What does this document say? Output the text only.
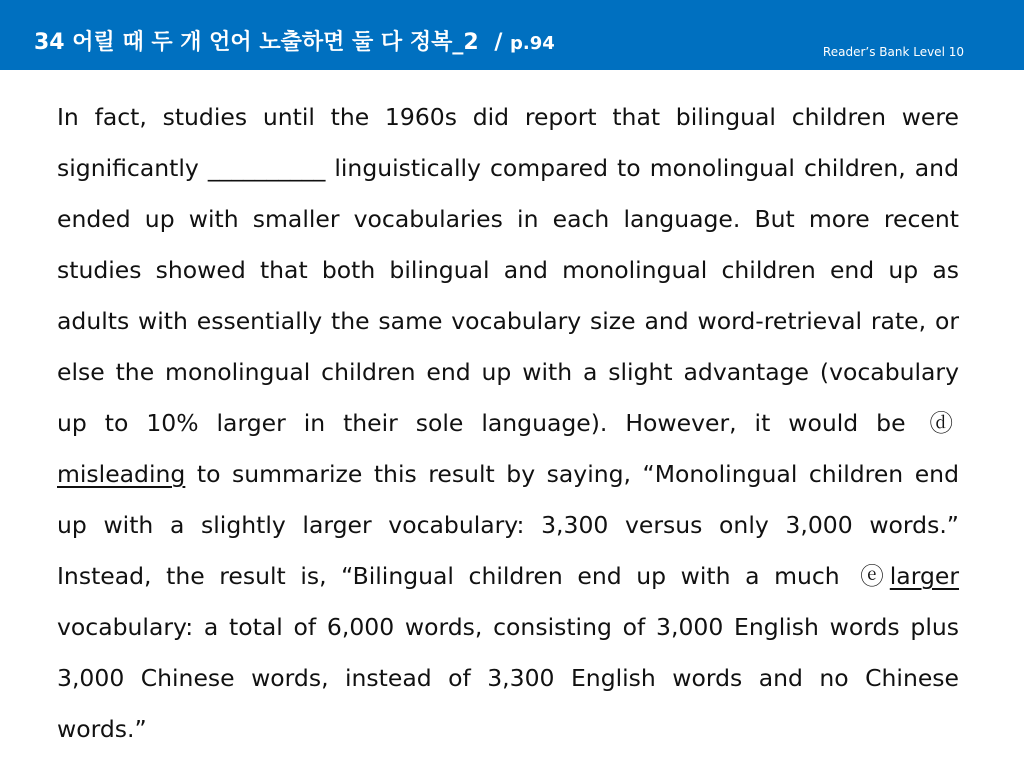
34 어릴 때 두 개 언어 노출하면 둘 다 정복_2 / p.94	Reader’s Bank Level 10

In fact, studies until the 1960s did report that bilingual children were significantly __________ linguistically compared to monolingual children, and ended up with smaller vocabularies in each language. But more recent studies showed that both bilingual and monolingual children end up as adults with essentially the same vocabulary size and word-retrieval rate, or else the monolingual children end up with a slight advantage (vocabulary up to 10% larger in their sole language). However, it would be ⓓmisleading to summarize this result by saying, “Monolingual children end up with a slightly larger vocabulary: 3,300 versus only 3,000 words.” Instead, the result is, “Bilingual children end up with a much ⓔ larger vocabulary: a total of 6,000 words, consisting of 3,000 English words plus 3,000 Chinese words, instead of 3,300 English words and no Chinese words.”
